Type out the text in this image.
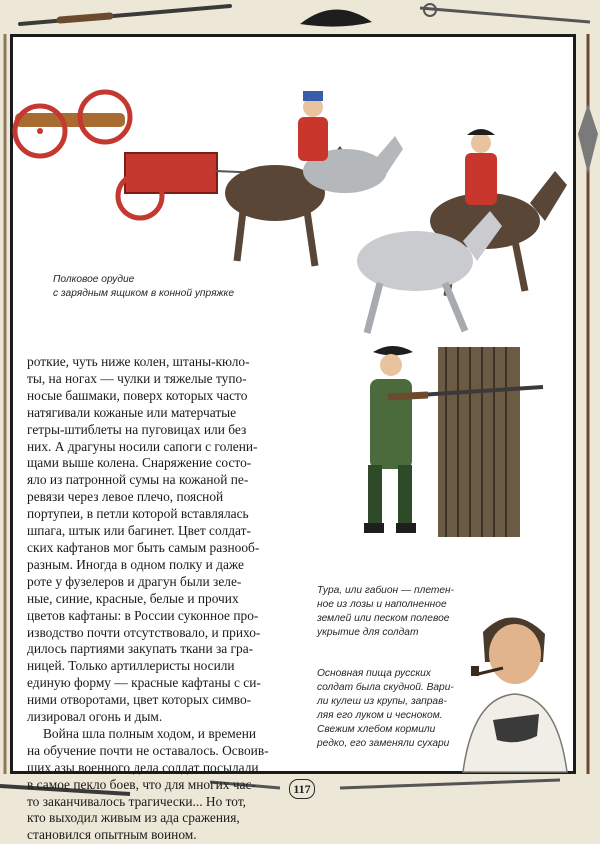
Полковое орудие
с зарядным ящиком в конной упряжке

Тура, или габион — плетен-
ное из лозы и наполненное
землей или песком полевое
укрытие для солдат

Основная пища русских
солдат была скудной. Вари-
ли кулеш из крупы, заправ-
ляя его луком и чесноком.
Свежим хлебом кормили
редко, его заменяли сухари

роткие, чуть ниже колен, штаны-кюло-
ты, на ногах — чулки и тяжелые тупо-
носые башмаки, поверх которых часто
натягивали кожаные или матерчатые
гетры-штиблеты на пуговицах или без
них. А драгуны носили сапоги с голени-
щами выше колена. Снаряжение состо-
яло из патронной сумы на кожаной пе-
ревязи через левое плечо, поясной
портупеи, в петли которой вставлялась
шпага, штык или багинет. Цвет солдат-
ских кафтанов мог быть самым разнооб-
разным. Иногда в одном полку и даже
роте у фузелеров и драгун были зеле-
ные, синие, красные, белые и прочих
цветов кафтаны: в России суконное про-
изводство почти отсутствовало, и прихо-
дилось партиями закупать ткани за гра-
ницей. Только артиллеристы носили
единую форму — красные кафтаны с си-
ними отворотами, цвет которых симво-
лизировал огонь и дым.
Война шла полным ходом, и времени
на обучение почти не оставалось. Освоив-
ших азы военного дела солдат посылали
в самое пекло боев, что для многих час-
то заканчивалось трагически... Но тот,
кто выходил живым из ада сражения,
становился опытным воином.
117
